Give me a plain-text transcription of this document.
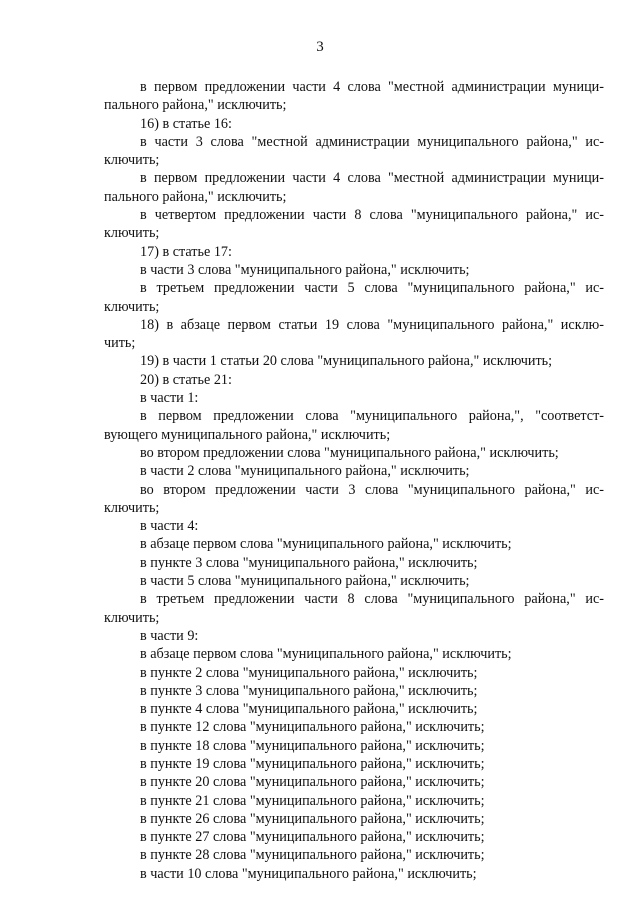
3
в первом предложении части 4 слова "местной администрации муници-
пального района," исключить;
16) в статье 16:
в части 3 слова "местной администрации муниципального района," ис-
ключить;
в первом предложении части 4 слова "местной администрации муници-
пального района," исключить;
в четвертом предложении части 8 слова "муниципального района," ис-
ключить;
17) в статье 17:
в части 3 слова "муниципального района," исключить;
в третьем предложении части 5 слова "муниципального района," ис-
ключить;
18) в абзаце первом статьи 19 слова "муниципального района," исклю-
чить;
19) в части 1 статьи 20 слова "муниципального района," исключить;
20) в статье 21:
в части 1:
в первом предложении слова "муниципального района,", "соответст-
вующего муниципального района," исключить;
во втором предложении слова "муниципального района," исключить;
в части 2 слова "муниципального района," исключить;
во втором предложении части 3 слова "муниципального района," ис-
ключить;
в части 4:
в абзаце первом слова "муниципального района," исключить;
в пункте 3 слова "муниципального района," исключить;
в части 5 слова "муниципального района," исключить;
в третьем предложении части 8 слова "муниципального района," ис-
ключить;
в части 9:
в абзаце первом слова "муниципального района," исключить;
в пункте 2 слова "муниципального района," исключить;
в пункте 3 слова "муниципального района," исключить;
в пункте 4 слова "муниципального района," исключить;
в пункте 12 слова "муниципального района," исключить;
в пункте 18 слова "муниципального района," исключить;
в пункте 19 слова "муниципального района," исключить;
в пункте 20 слова "муниципального района," исключить;
в пункте 21 слова "муниципального района," исключить;
в пункте 26 слова "муниципального района," исключить;
в пункте 27 слова "муниципального района," исключить;
в пункте 28 слова "муниципального района," исключить;
в части 10 слова "муниципального района," исключить;
